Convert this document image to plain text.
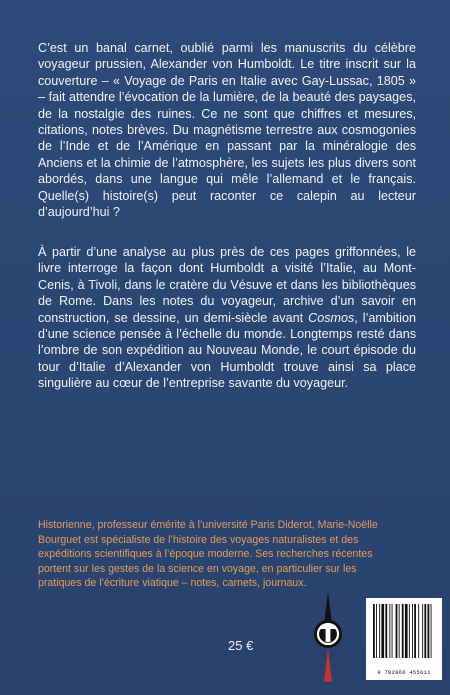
C’est un banal carnet, oublié parmi les manuscrits du célèbre voyageur prussien, Alexander von Humboldt. Le titre inscrit sur la couverture – « Voyage de Paris en Italie avec Gay-Lussac, 1805 » – fait attendre l’évocation de la lumière, de la beauté des paysages, de la nostalgie des ruines. Ce ne sont que chiffres et mesures, citations, notes brèves. Du magnétisme terrestre aux cosmogonies de l’Inde et de l’Amérique en passant par la minéralogie des Anciens et la chimie de l’atmosphère, les sujets les plus divers sont abordés, dans une langue qui mêle l’allemand et le français. Quelle(s) histoire(s) peut raconter ce calepin au lecteur d’aujourd’hui ?

À partir d’une analyse au plus près de ces pages griffonnées, le livre interroge la façon dont Humboldt a visité l’Italie, au Mont-Cenis, à Tivoli, dans le cratère du Vésuve et dans les bibliothèques de Rome. Dans les notes du voyageur, archive d’un savoir en construction, se dessine, un demi-siècle avant Cosmos, l’ambition d’une science pensée à l’échelle du monde. Longtemps resté dans l’ombre de son expédition au Nouveau Monde, le court épisode du tour d’Italie d’Alexander von Humboldt trouve ainsi sa place singulière au cœur de l’entreprise savante du voyageur.

Historienne, professeur émérite à l’université Paris Diderot, Marie-Noëlle Bourguet est spécialiste de l’histoire des voyages naturalistes et des expéditions scientifiques à l’époque moderne. Ses recherches récentes portent sur les gestes de la science en voyage, en particulier sur les pratiques de l’écriture viatique – notes, carnets, journaux.

25 €
9 782866 455611
